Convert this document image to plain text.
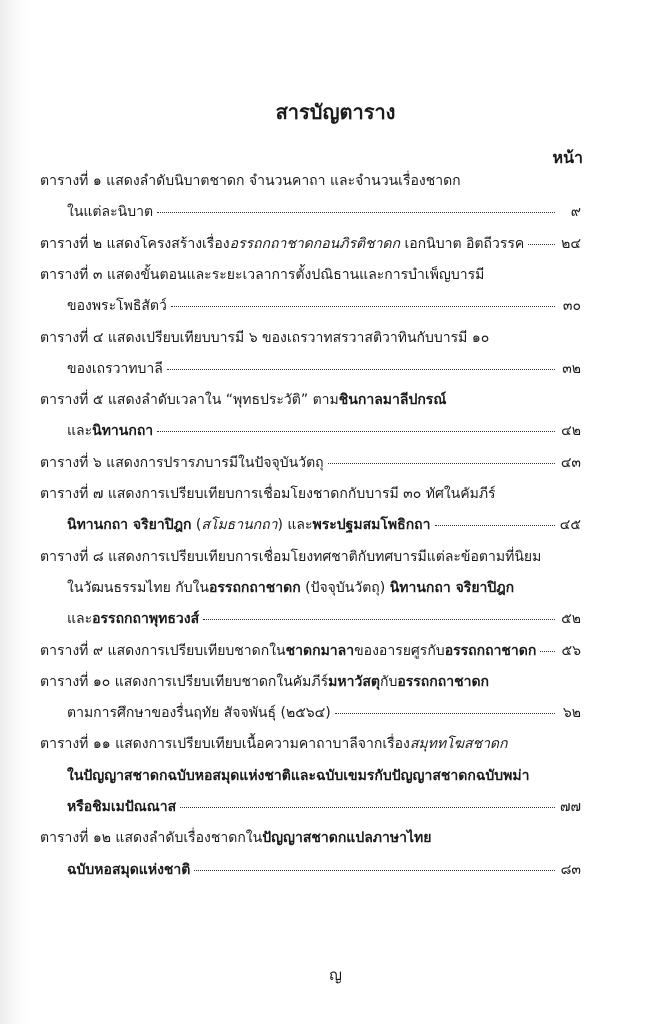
สารบัญตาราง
หน้า
ตารางที่ ๑ แสดงลำดับนิบาตชาดก จำนวนคาถา และจำนวนเรื่องชาดก
ในแต่ละนิบาต	๙
ตารางที่ ๒ แสดงโครงสร้างเรื่องอรรถกถาชาดกอนภิรติชาดก เอกนิบาต อิตถีวรรค	๒๔
ตารางที่ ๓ แสดงขั้นตอนและระยะเวลาการตั้งปณิธานและการบำเพ็ญบารมี
ของพระโพธิสัตว์	๓๐
ตารางที่ ๔ แสดงเปรียบเทียบบารมี ๖ ของเถรวาทสรวาสติวาทินกับบารมี ๑๐
ของเถรวาทบาลี	๓๒
ตารางที่ ๕ แสดงลำดับเวลาใน “พุทธประวัติ” ตามชินกาลมาลีปกรณ์
และนิทานกถา	๔๒
ตารางที่ ๖ แสดงการปรารภบารมีในปัจจุบันวัตถุ	๔๓
ตารางที่ ๗ แสดงการเปรียบเทียบการเชื่อมโยงชาดกกับบารมี ๓๐ ทัศในคัมภีร์
นิทานกถา จริยาปิฎก (สโมธานกถา) และพระปฐมสมโพธิกถา	๔๕
ตารางที่ ๘ แสดงการเปรียบเทียบการเชื่อมโยงทศชาติกับทศบารมีแต่ละข้อตามที่นิยม
ในวัฒนธรรมไทย กับในอรรถกถาชาดก (ปัจจุบันวัตถุ) นิทานกถา จริยาปิฎก
และอรรถกถาพุทธวงส์	๕๒
ตารางที่ ๙ แสดงการเปรียบเทียบชาดกในชาดกมาลาของอารยศูรกับอรรถกถาชาดก ๕๖
ตารางที่ ๑๐ แสดงการเปรียบเทียบชาดกในคัมภีร์มหาวัสตุกับอรรถกถาชาดก
ตามการศึกษาของรื่นฤทัย สัจจพันธุ์ (๒๕๖๔)	๖๒
ตารางที่ ๑๑ แสดงการเปรียบเทียบเนื้อความคาถาบาลีจากเรื่องสมุททโฆสชาดก
ในปัญญาสชาดกฉบับหอสมุดแห่งชาติและฉบับเขมรกับปัญญาสชาดกฉบับพม่า
หรือชิมเมปัณณาส	๗๗
ตารางที่ ๑๒ แสดงลำดับเรื่องชาดกในปัญญาสชาดกแปลภาษาไทย
ฉบับหอสมุดแห่งชาติ	๘๓
ญ
